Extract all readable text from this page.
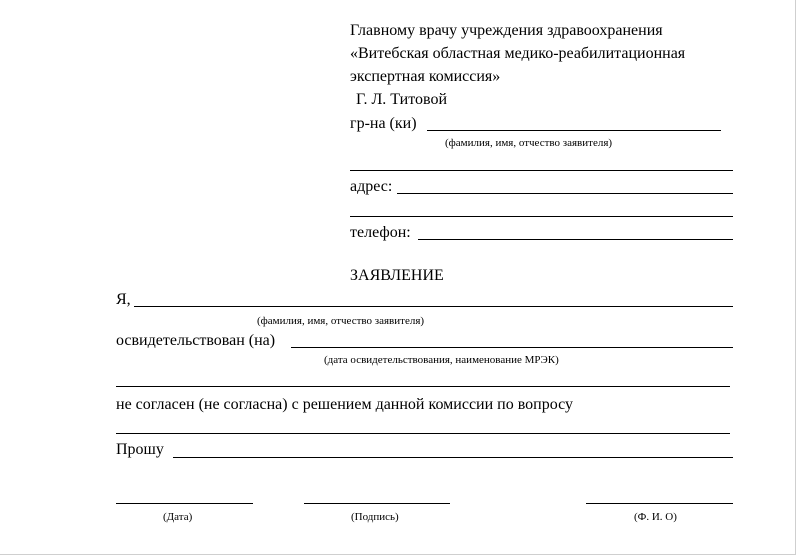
Главному врачу учреждения здравоохранения
«Витебская областная медико-реабилитационная
экспертная комиссия»
Г. Л. Титовой
гр-на (ки)
(фамилия, имя, отчество заявителя)
адрес:
телефон:
ЗАЯВЛЕНИЕ
Я,
(фамилия, имя, отчество заявителя)
освидетельствован (на)
(дата освидетельствования, наименование МРЭК)
не согласен (не согласна) с решением данной комиссии по вопросу
Прошу
(Дата)	(Подпись)	(Ф. И. О)
